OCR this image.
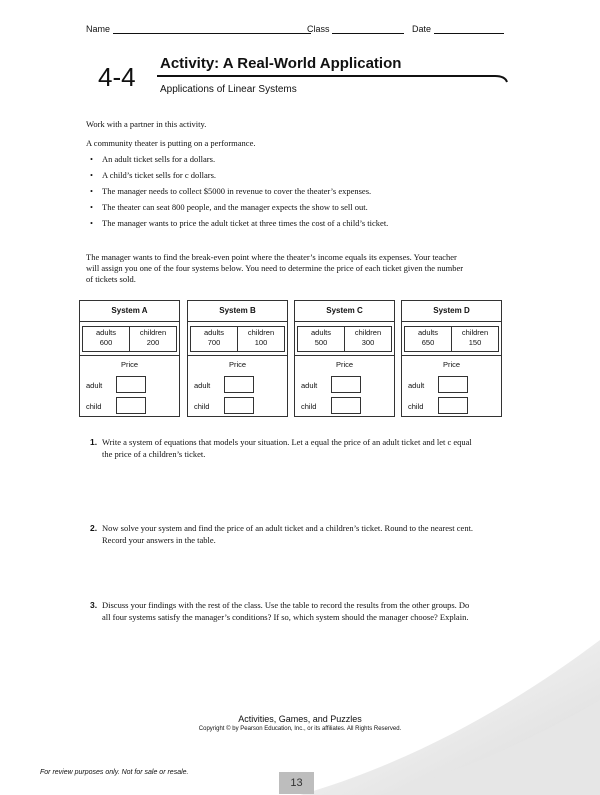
Name	Class	Date
4-4 Activity: A Real-World Application
Applications of Linear Systems
Work with a partner in this activity.
A community theater is putting on a performance.
• An adult ticket sells for a dollars.
• A child’s ticket sells for c dollars.
• The manager needs to collect $5000 in revenue to cover the theater’s expenses.
• The theater can seat 800 people, and the manager expects the show to sell out.
• The manager wants to price the adult ticket at three times the cost of a child’s ticket.
The manager wants to find the break-even point where the theater’s income equals its expenses. Your teacher will assign you one of the four systems below. You need to determine the price of each ticket given the number of tickets sold.
System A
adults
600
children
200
Price
adult
child
System B
adults
700
children
100
Price
adult
child
System C
adults
500
children
300
Price
adult
child
System D
adults
650
children
150
Price
adult
child
1. Write a system of equations that models your situation. Let a equal the price of an adult ticket and let c equal the price of a children’s ticket.
2. Now solve your system and find the price of an adult ticket and a children’s ticket. Round to the nearest cent. Record your answers in the table.
3. Discuss your findings with the rest of the class. Use the table to record the results from the other groups. Do all four systems satisfy the manager’s conditions? If so, which system should the manager choose? Explain.
Activities, Games, and Puzzles
Copyright © by Pearson Education, Inc., or its affiliates. All Rights Reserved.
For review purposes only. Not for sale or resale.
13
